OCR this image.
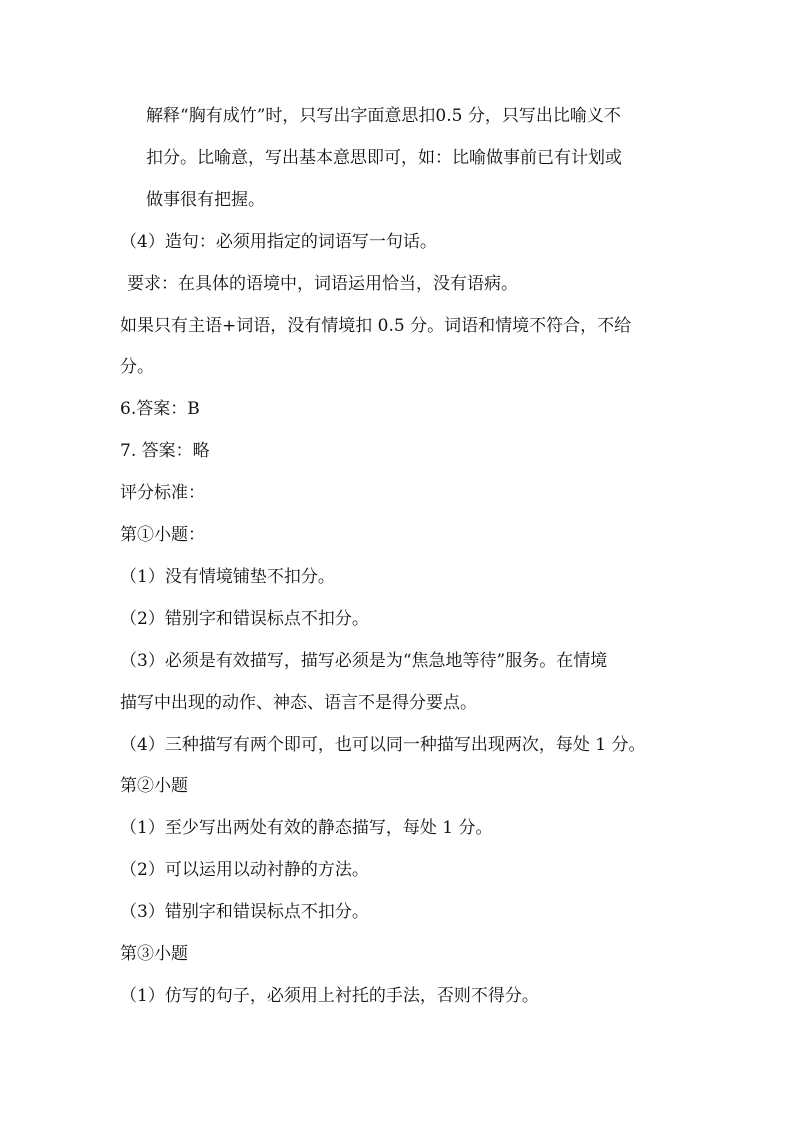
解释“胸有成竹”时，只写出字面意思扣0.5 分，只写出比喻义不

扣分。比喻意，写出基本意思即可，如：比喻做事前已有计划或

做事很有把握。

（4）造句：必须用指定的词语写一句话。

要求：在具体的语境中，词语运用恰当，没有语病。

如果只有主语+词语，没有情境扣 0.5 分。词语和情境不符合，不给

分。

6.答案：B

7. 答案：略

评分标准：

第①小题：

（1）没有情境铺垫不扣分。

（2）错别字和错误标点不扣分。

（3）必须是有效描写，描写必须是为“焦急地等待”服务。在情境

描写中出现的动作、神态、语言不是得分要点。

（4）三种描写有两个即可，也可以同一种描写出现两次，每处 1 分。

第②小题

（1）至少写出两处有效的静态描写，每处 1 分。

（2）可以运用以动衬静的方法。

（3）错别字和错误标点不扣分。

第③小题

（1）仿写的句子，必须用上衬托的手法，否则不得分。
